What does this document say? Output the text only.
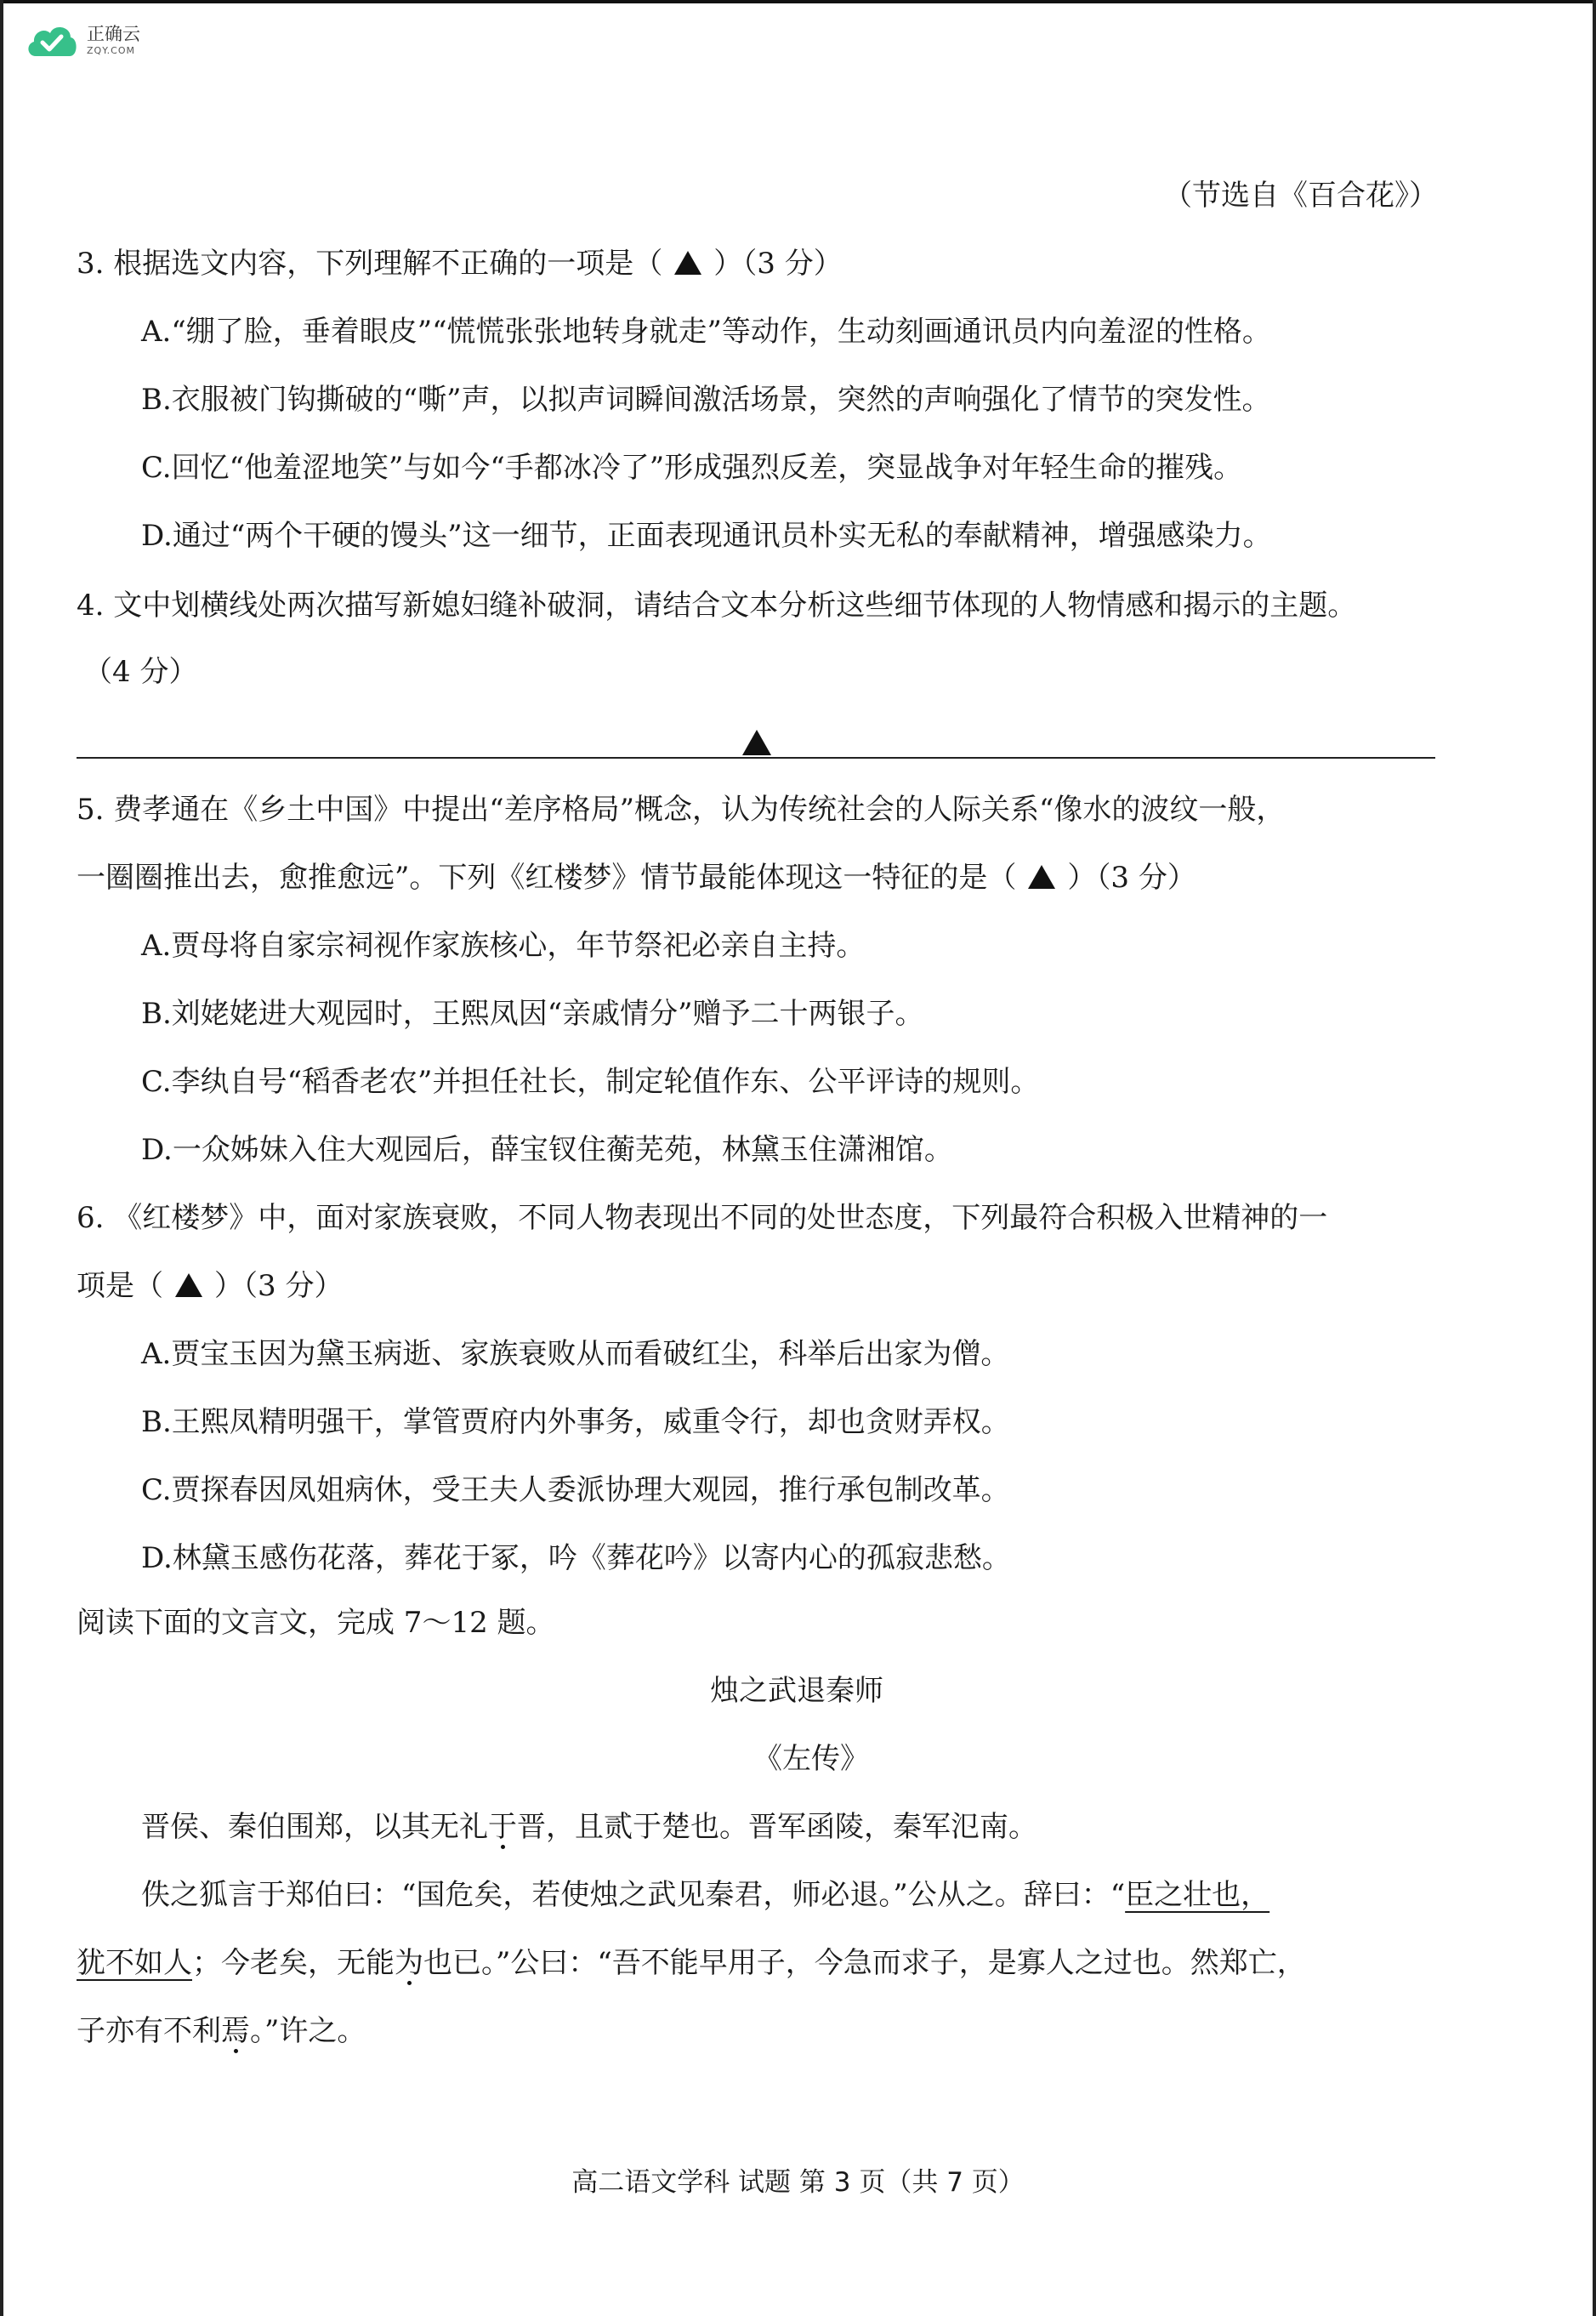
正确云
ZQY.COM
（节选自《百合花》）
3. 根据选文内容，下列理解不正确的一项是（ ）（3 分）
A.“绷了脸，垂着眼皮”“慌慌张张地转身就走”等动作，生动刻画通讯员内向羞涩的性格。
B.衣服被门钩撕破的“嘶”声，以拟声词瞬间激活场景，突然的声响强化了情节的突发性。
C.回忆“他羞涩地笑”与如今“手都冰冷了”形成强烈反差，突显战争对年轻生命的摧残。
D.通过“两个干硬的馒头”这一细节，正面表现通讯员朴实无私的奉献精神，增强感染力。
4. 文中划横线处两次描写新媳妇缝补破洞，请结合文本分析这些细节体现的人物情感和揭示的主题。
（4 分）
5. 费孝通在《乡土中国》中提出“差序格局”概念，认为传统社会的人际关系“像水的波纹一般，
一圈圈推出去，愈推愈远”。下列《红楼梦》情节最能体现这一特征的是（ ）（3 分）
A.贾母将自家宗祠视作家族核心，年节祭祀必亲自主持。
B.刘姥姥进大观园时，王熙凤因“亲戚情分”赠予二十两银子。
C.李纨自号“稻香老农”并担任社长，制定轮值作东、公平评诗的规则。
D.一众姊妹入住大观园后，薛宝钗住蘅芜苑，林黛玉住潇湘馆。
6. 《红楼梦》中，面对家族衰败，不同人物表现出不同的处世态度，下列最符合积极入世精神的一
项是（ ）（3 分）
A.贾宝玉因为黛玉病逝、家族衰败从而看破红尘，科举后出家为僧。
B.王熙凤精明强干，掌管贾府内外事务，威重令行，却也贪财弄权。
C.贾探春因凤姐病休，受王夫人委派协理大观园，推行承包制改革。
D.林黛玉感伤花落，葬花于冢，吟《葬花吟》以寄内心的孤寂悲愁。
阅读下面的文言文，完成 7～12 题。
烛之武退秦师
《左传》
晋侯、秦伯围郑，以其无礼于晋，且贰于楚也。晋军函陵，秦军氾南。
佚之狐言于郑伯曰：“国危矣，若使烛之武见秦君，师必退。”公从之。辞曰：“臣之壮也，
犹不如人；今老矣，无能为也已。”公曰：“吾不能早用子，今急而求子，是寡人之过也。然郑亡，
子亦有不利焉。”许之。
高二语文学科 试题 第 3 页（共 7 页）
